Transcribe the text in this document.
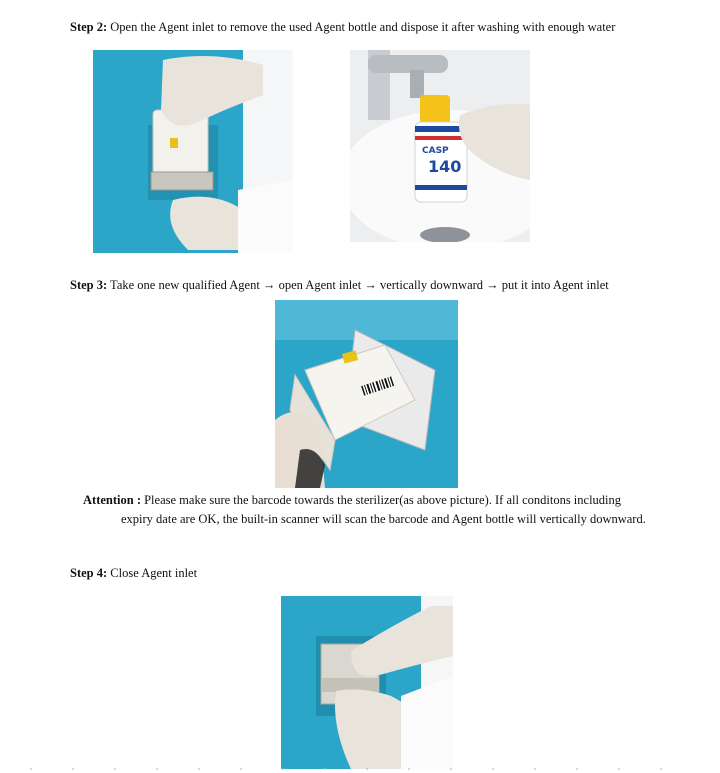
Step 2: Open the Agent inlet to remove the used Agent bottle and dispose it after washing with enough water
CASP
140
Step 3: Take one new qualified Agent → open Agent inlet → vertically downward → put it into Agent inlet
Attention : Please make sure the barcode towards the sterilizer(as above picture). If all conditons including
expiry date are OK, the built-in scanner will scan the barcode and Agent bottle will vertically downward.
Step 4: Close Agent inlet
